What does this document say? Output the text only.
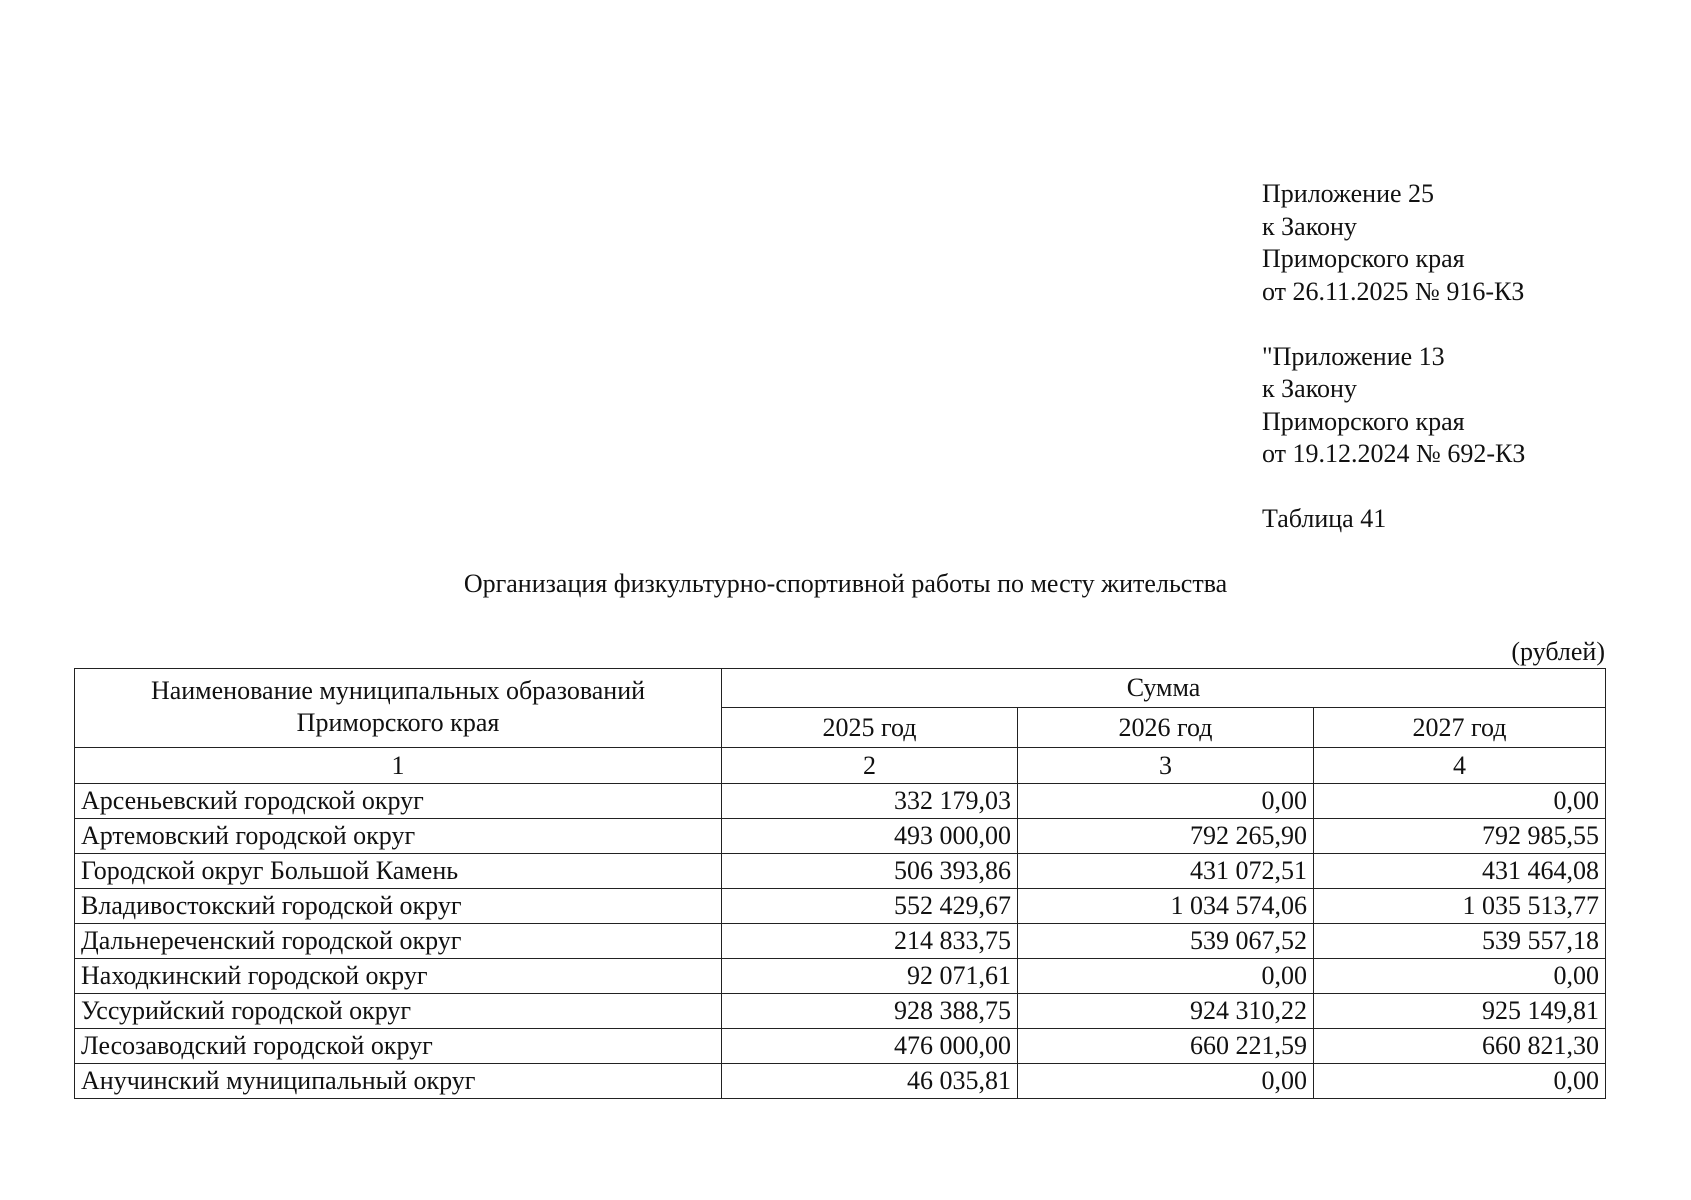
Приложение 25
к Закону
Приморского края
от 26.11.2025 № 916-КЗ
"Приложение 13
к Закону
Приморского края
от 19.12.2024 № 692-КЗ
Таблица 41
Организация физкультурно-спортивной работы по месту жительства
(рублей)
Наименование муниципальных образований Приморского края	Сумма		
	2025 год	2026 год	2027 год
1	2	3	4
Арсеньевский городской округ	332 179,03	0,00	0,00
Артемовский городской округ	493 000,00	792 265,90	792 985,55
Городской округ Большой Камень	506 393,86	431 072,51	431 464,08
Владивостокский городской округ	552 429,67	1 034 574,06	1 035 513,77
Дальнереченский городской округ	214 833,75	539 067,52	539 557,18
Находкинский городской округ	92 071,61	0,00	0,00
Уссурийский городской округ	928 388,75	924 310,22	925 149,81
Лесозаводский городской округ	476 000,00	660 221,59	660 821,30
Анучинский муниципальный округ	46 035,81	0,00	0,00
